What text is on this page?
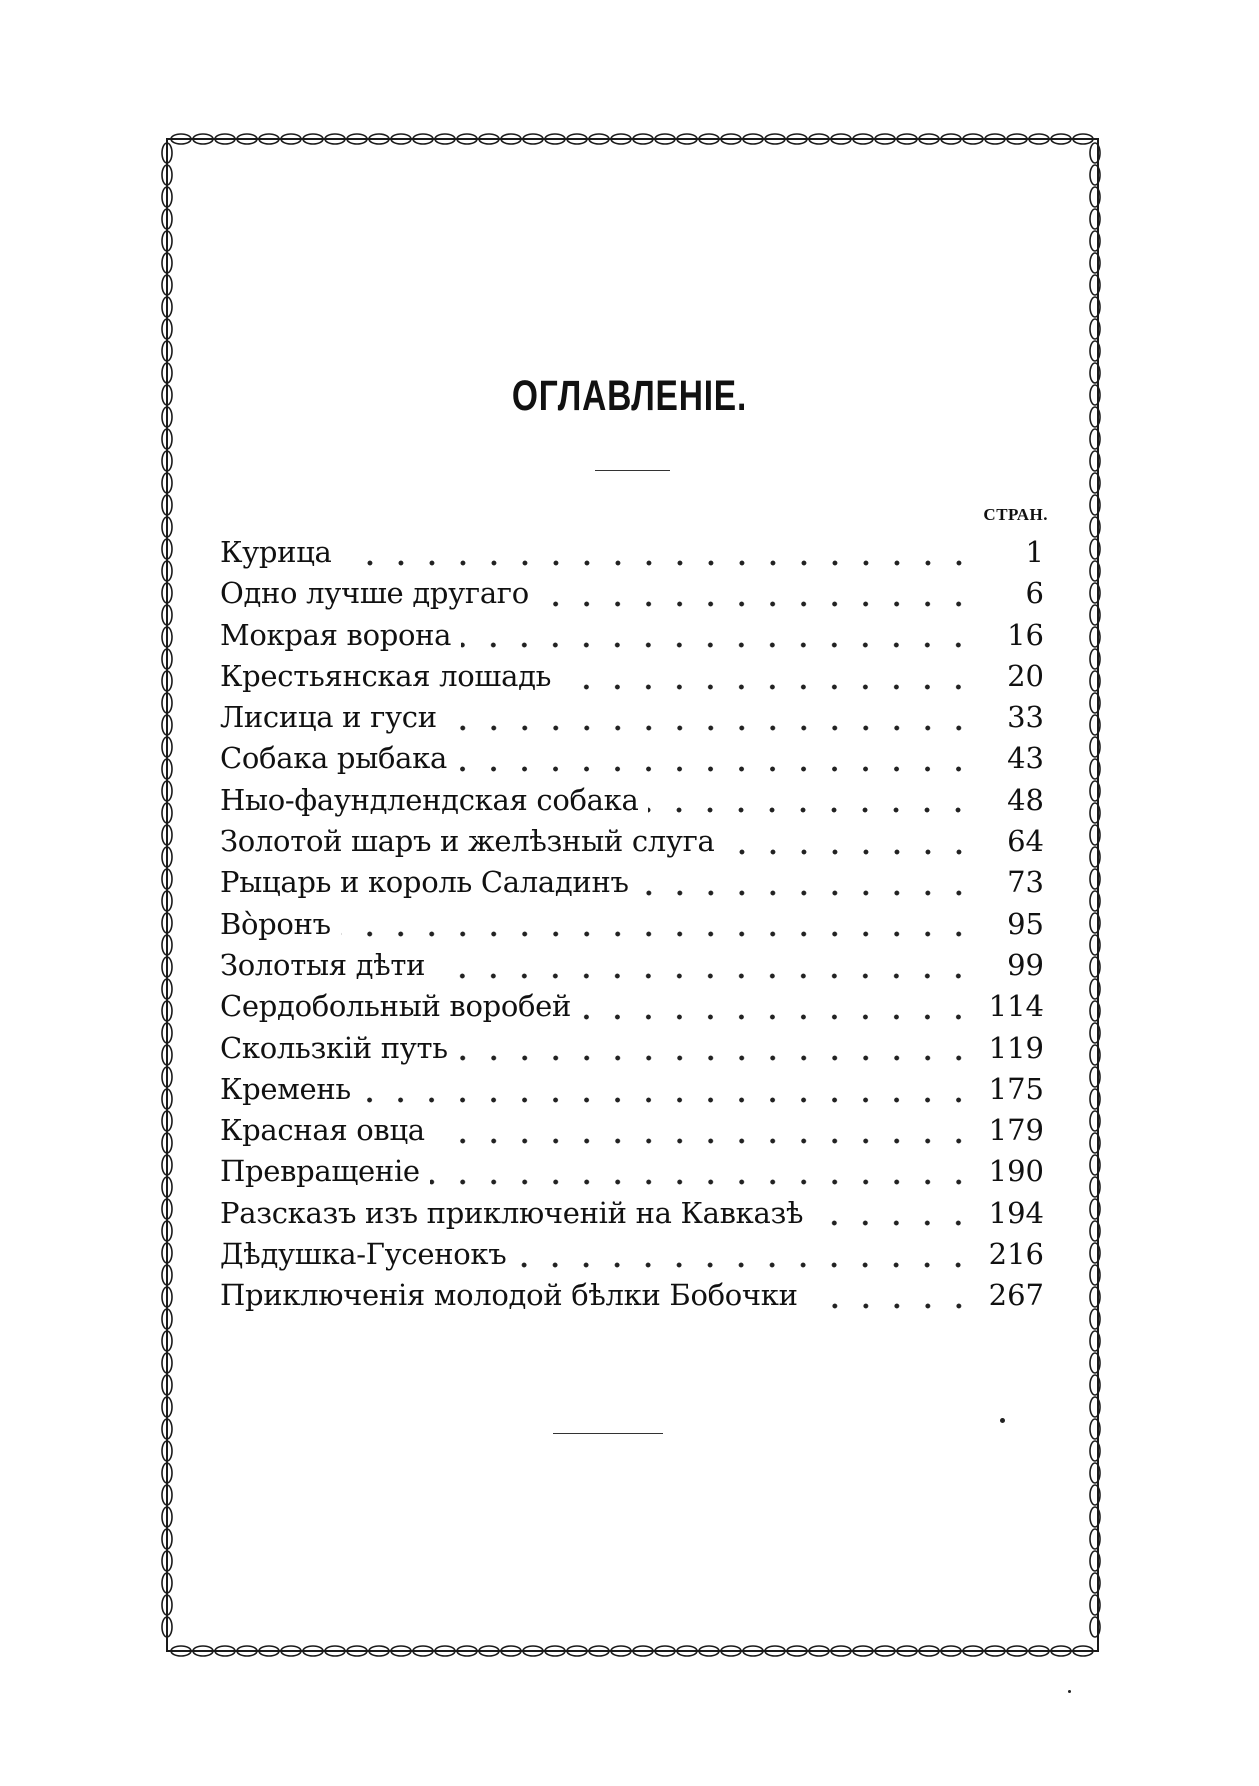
ОГЛАВЛЕНІЕ.
СТРАН.
Курица	1
Одно лучше другаго	6
Мокрая ворона	16
Крестьянская лошадь	20
Лисица и гуси	33
Собака рыбака	43
Ныо-фаундлендская собака	48
Золотой шаръ и желѣзный слуга	64
Рыцарь и король Саладинъ	73
Вòронъ	95
Золотыя дѣти	99
Сердобольный воробей	114
Скользкій путь	119
Кремень	175
Красная овца	179
Превращеніе	190
Разсказъ изъ приключеній на Кавказѣ	194
Дѣдушка-Гусенокъ	216
Приключенія молодой бѣлки Бобочки	267
